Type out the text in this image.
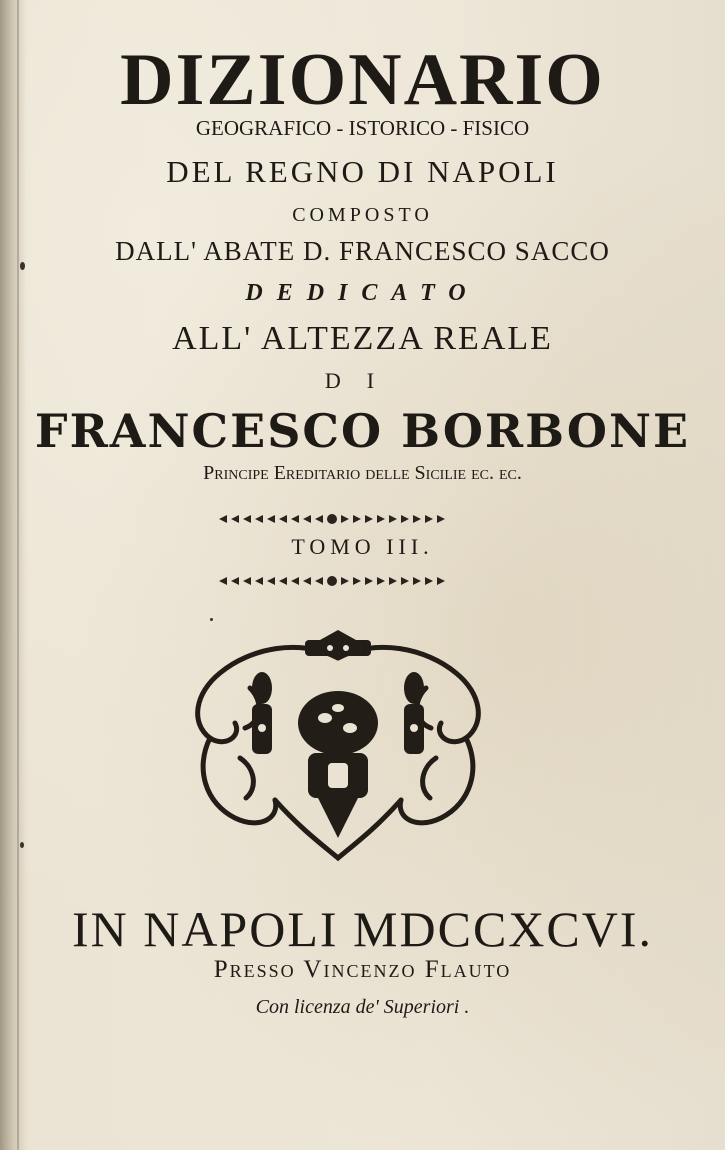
DIZIONARIO
GEOGRAFICO - ISTORICO - FISICO
DEL REGNO DI NAPOLI
COMPOSTO
DALL' ABATE D. FRANCESCO SACCO
DEDICATO
ALL' ALTEZZA REALE
DI
FRANCESCO BORBONE
Principe Ereditario delle Sicilie ec. ec.
TOMO III.
IN NAPOLI MDCCXCVI.
Presso Vincenzo Flauto
Con licenza de' Superiori .
